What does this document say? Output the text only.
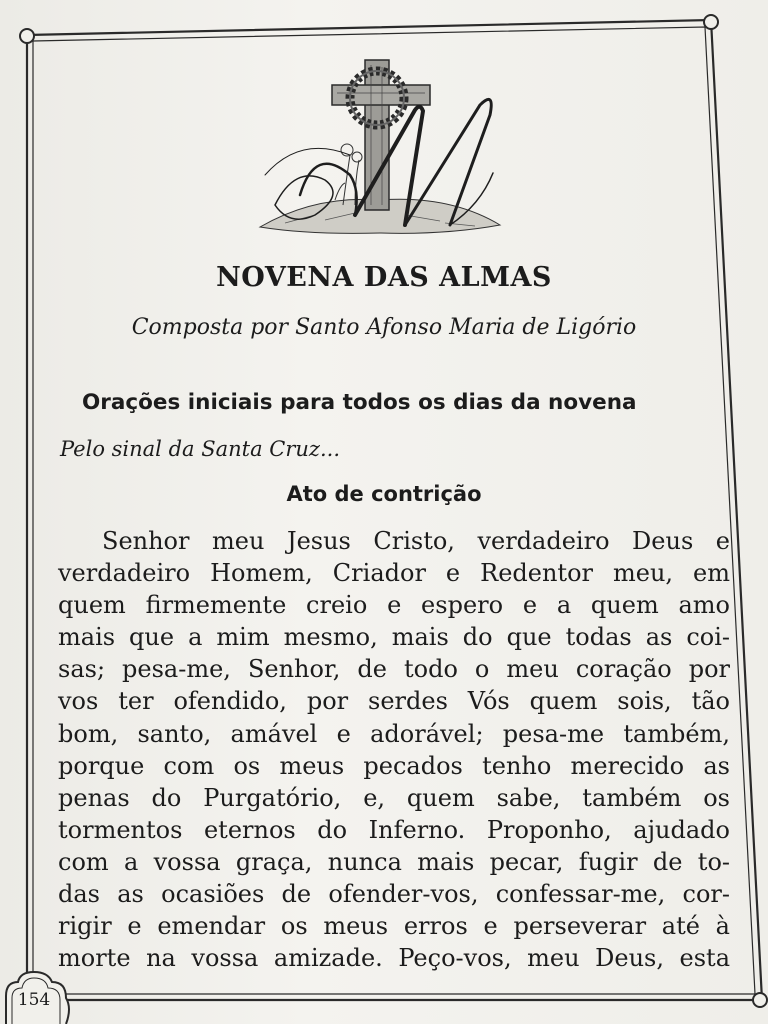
NOVENA DAS ALMAS
Composta por Santo Afonso Maria de Ligório
Orações iniciais para todos os dias da novena
Pelo sinal da Santa Cruz...
Ato de contrição
Senhor meu Jesus Cristo, verdadeiro Deus e
verdadeiro Homem, Criador e Redentor meu, em
quem firmemente creio e espero e a quem amo
mais que a mim mesmo, mais do que todas as coi-
sas; pesa-me, Senhor, de todo o meu coração por
vos ter ofendido, por serdes Vós quem sois, tão
bom, santo, amável e adorável; pesa-me também,
porque com os meus pecados tenho merecido as
penas do Purgatório, e, quem sabe, também os
tormentos eternos do Inferno. Proponho, ajudado
com a vossa graça, nunca mais pecar, fugir de to-
das as ocasiões de ofender-vos, confessar-me, cor-
rigir e emendar os meus erros e perseverar até à
morte na vossa amizade. Peço-vos, meu Deus, esta
154
